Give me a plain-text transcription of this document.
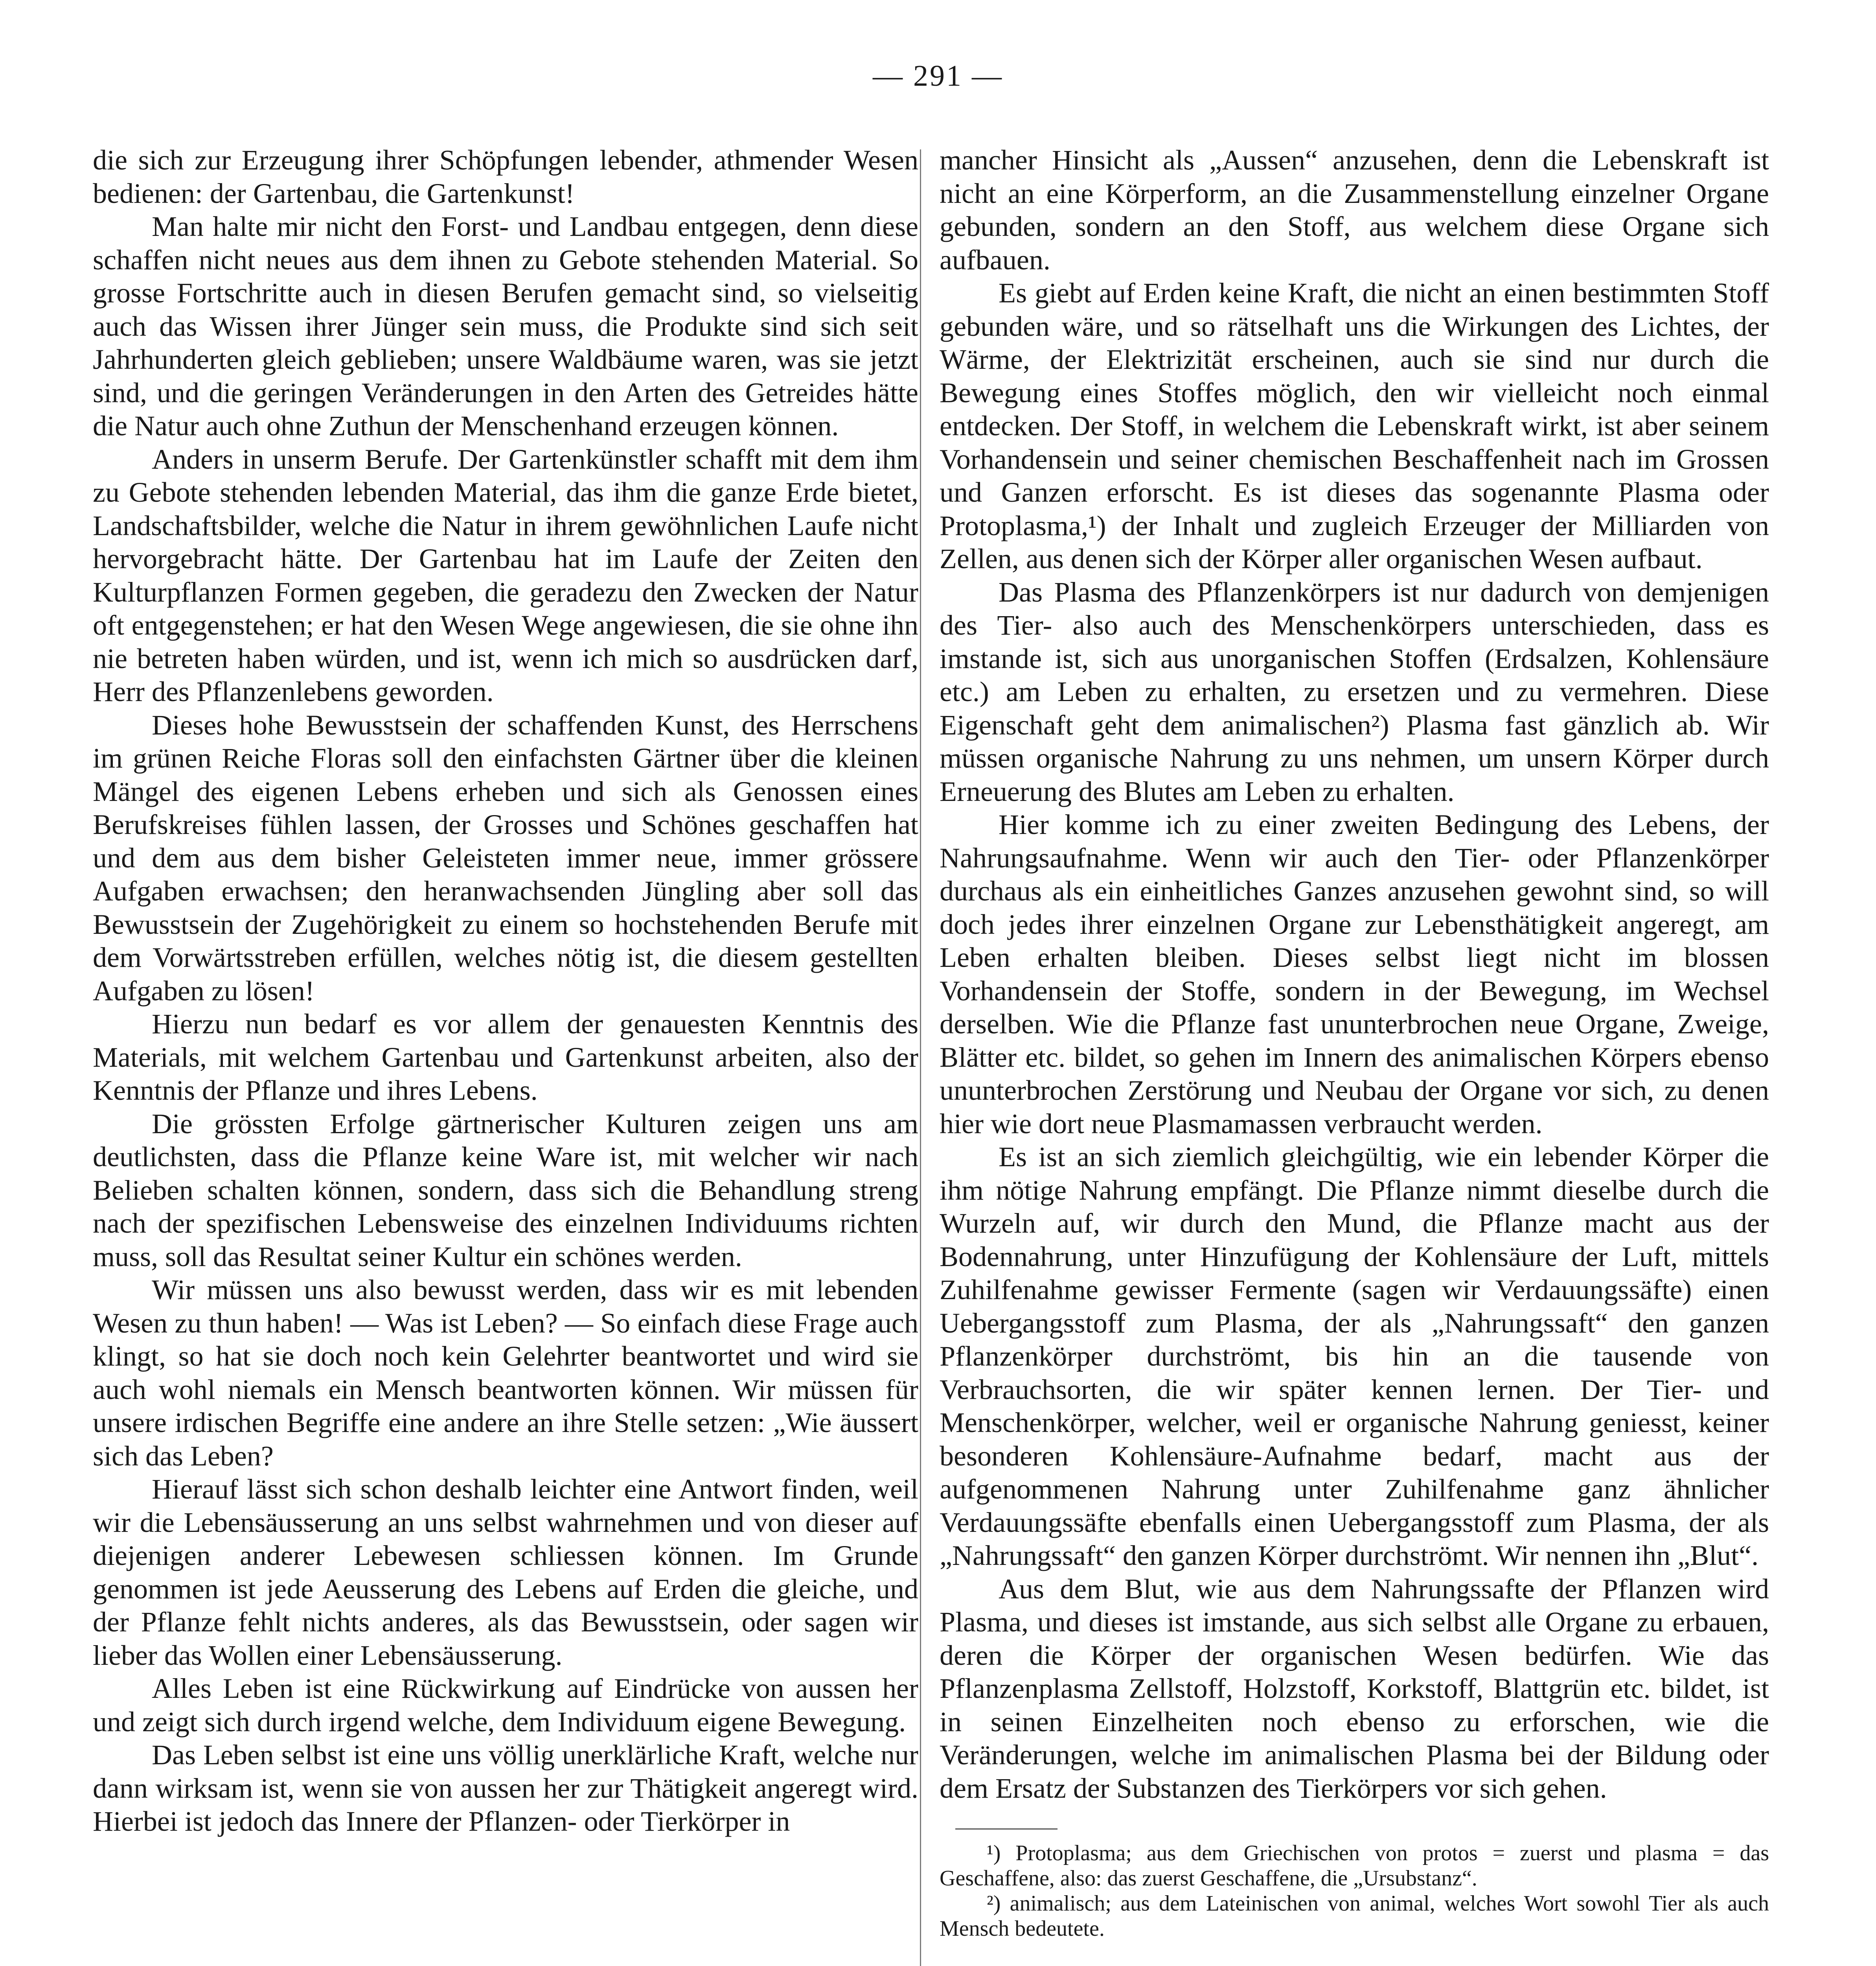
— 291 —

die sich zur Erzeugung ihrer Schöpfungen lebender, athmender Wesen bedienen: der Gartenbau, die Gartenkunst!

Man halte mir nicht den Forst- und Landbau entgegen, denn diese schaffen nicht neues aus dem ihnen zu Gebote stehenden Material. So grosse Fortschritte auch in diesen Berufen gemacht sind, so vielseitig auch das Wissen ihrer Jünger sein muss, die Produkte sind sich seit Jahrhunderten gleich geblieben; unsere Waldbäume waren, was sie jetzt sind, und die geringen Veränderungen in den Arten des Getreides hätte die Natur auch ohne Zuthun der Menschenhand erzeugen können.

Anders in unserm Berufe. Der Gartenkünstler schafft mit dem ihm zu Gebote stehenden lebenden Material, das ihm die ganze Erde bietet, Landschaftsbilder, welche die Natur in ihrem gewöhnlichen Laufe nicht hervorgebracht hätte. Der Gartenbau hat im Laufe der Zeiten den Kulturpflanzen Formen gegeben, die geradezu den Zwecken der Natur oft entgegenstehen; er hat den Wesen Wege angewiesen, die sie ohne ihn nie betreten haben würden, und ist, wenn ich mich so ausdrücken darf, Herr des Pflanzenlebens geworden.

Dieses hohe Bewusstsein der schaffenden Kunst, des Herrschens im grünen Reiche Floras soll den einfachsten Gärtner über die kleinen Mängel des eigenen Lebens erheben und sich als Genossen eines Berufskreises fühlen lassen, der Grosses und Schönes geschaffen hat und dem aus dem bisher Geleisteten immer neue, immer grössere Aufgaben erwachsen; den heranwachsenden Jüngling aber soll das Bewusstsein der Zugehörigkeit zu einem so hochstehenden Berufe mit dem Vorwärtsstreben erfüllen, welches nötig ist, die diesem gestellten Aufgaben zu lösen!

Hierzu nun bedarf es vor allem der genauesten Kenntnis des Materials, mit welchem Gartenbau und Gartenkunst arbeiten, also der Kenntnis der Pflanze und ihres Lebens.

Die grössten Erfolge gärtnerischer Kulturen zeigen uns am deutlichsten, dass die Pflanze keine Ware ist, mit welcher wir nach Belieben schalten können, sondern, dass sich die Behandlung streng nach der spezifischen Lebensweise des einzelnen Individuums richten muss, soll das Resultat seiner Kultur ein schönes werden.

Wir müssen uns also bewusst werden, dass wir es mit lebenden Wesen zu thun haben! — Was ist Leben? — So einfach diese Frage auch klingt, so hat sie doch noch kein Gelehrter beantwortet und wird sie auch wohl niemals ein Mensch beantworten können. Wir müssen für unsere irdischen Begriffe eine andere an ihre Stelle setzen: „Wie äussert sich das Leben?

Hierauf lässt sich schon deshalb leichter eine Antwort finden, weil wir die Lebensäusserung an uns selbst wahrnehmen und von dieser auf diejenigen anderer Lebewesen schliessen können. Im Grunde genommen ist jede Aeusserung des Lebens auf Erden die gleiche, und der Pflanze fehlt nichts anderes, als das Bewusstsein, oder sagen wir lieber das Wollen einer Lebensäusserung.

Alles Leben ist eine Rückwirkung auf Eindrücke von aussen her und zeigt sich durch irgend welche, dem Individuum eigene Bewegung.

Das Leben selbst ist eine uns völlig unerklärliche Kraft, welche nur dann wirksam ist, wenn sie von aussen her zur Thätigkeit angeregt wird. Hierbei ist jedoch das Innere der Pflanzen- oder Tierkörper in

mancher Hinsicht als „Aussen“ anzusehen, denn die Lebenskraft ist nicht an eine Körperform, an die Zusammenstellung einzelner Organe gebunden, sondern an den Stoff, aus welchem diese Organe sich aufbauen.

Es giebt auf Erden keine Kraft, die nicht an einen bestimmten Stoff gebunden wäre, und so rätselhaft uns die Wirkungen des Lichtes, der Wärme, der Elektrizität erscheinen, auch sie sind nur durch die Bewegung eines Stoffes möglich, den wir vielleicht noch einmal entdecken. Der Stoff, in welchem die Lebenskraft wirkt, ist aber seinem Vorhandensein und seiner chemischen Beschaffenheit nach im Grossen und Ganzen erforscht. Es ist dieses das sogenannte Plasma oder Protoplasma,¹) der Inhalt und zugleich Erzeuger der Milliarden von Zellen, aus denen sich der Körper aller organischen Wesen aufbaut.

Das Plasma des Pflanzenkörpers ist nur dadurch von demjenigen des Tier- also auch des Menschenkörpers unterschieden, dass es imstande ist, sich aus unorganischen Stoffen (Erdsalzen, Kohlensäure etc.) am Leben zu erhalten, zu ersetzen und zu vermehren. Diese Eigenschaft geht dem animalischen²) Plasma fast gänzlich ab. Wir müssen organische Nahrung zu uns nehmen, um unsern Körper durch Erneuerung des Blutes am Leben zu erhalten.

Hier komme ich zu einer zweiten Bedingung des Lebens, der Nahrungsaufnahme. Wenn wir auch den Tier- oder Pflanzenkörper durchaus als ein einheitliches Ganzes anzusehen gewohnt sind, so will doch jedes ihrer einzelnen Organe zur Lebensthätigkeit angeregt, am Leben erhalten bleiben. Dieses selbst liegt nicht im blossen Vorhandensein der Stoffe, sondern in der Bewegung, im Wechsel derselben. Wie die Pflanze fast ununterbrochen neue Organe, Zweige, Blätter etc. bildet, so gehen im Innern des animalischen Körpers ebenso ununterbrochen Zerstörung und Neubau der Organe vor sich, zu denen hier wie dort neue Plasmamassen verbraucht werden.

Es ist an sich ziemlich gleichgültig, wie ein lebender Körper die ihm nötige Nahrung empfängt. Die Pflanze nimmt dieselbe durch die Wurzeln auf, wir durch den Mund, die Pflanze macht aus der Bodennahrung, unter Hinzufügung der Kohlensäure der Luft, mittels Zuhilfenahme gewisser Fermente (sagen wir Verdauungssäfte) einen Uebergangsstoff zum Plasma, der als „Nahrungssaft“ den ganzen Pflanzenkörper durchströmt, bis hin an die tausende von Verbrauchsorten, die wir später kennen lernen. Der Tier- und Menschenkörper, welcher, weil er organische Nahrung geniesst, keiner besonderen Kohlensäure-Aufnahme bedarf, macht aus der aufgenommenen Nahrung unter Zuhilfenahme ganz ähnlicher Verdauungssäfte ebenfalls einen Uebergangsstoff zum Plasma, der als „Nahrungssaft“ den ganzen Körper durchströmt. Wir nennen ihn „Blut“.

Aus dem Blut, wie aus dem Nahrungssafte der Pflanzen wird Plasma, und dieses ist imstande, aus sich selbst alle Organe zu erbauen, deren die Körper der organischen Wesen bedürfen. Wie das Pflanzenplasma Zellstoff, Holzstoff, Korkstoff, Blattgrün etc. bildet, ist in seinen Einzelheiten noch ebenso zu erforschen, wie die Veränderungen, welche im animalischen Plasma bei der Bildung oder dem Ersatz der Substanzen des Tierkörpers vor sich gehen.

¹) Protoplasma; aus dem Griechischen von protos = zuerst und plasma = das Geschaffene, also: das zuerst Geschaffene, die „Ursubstanz“.

²) animalisch; aus dem Lateinischen von animal, welches Wort sowohl Tier als auch Mensch bedeutete.
